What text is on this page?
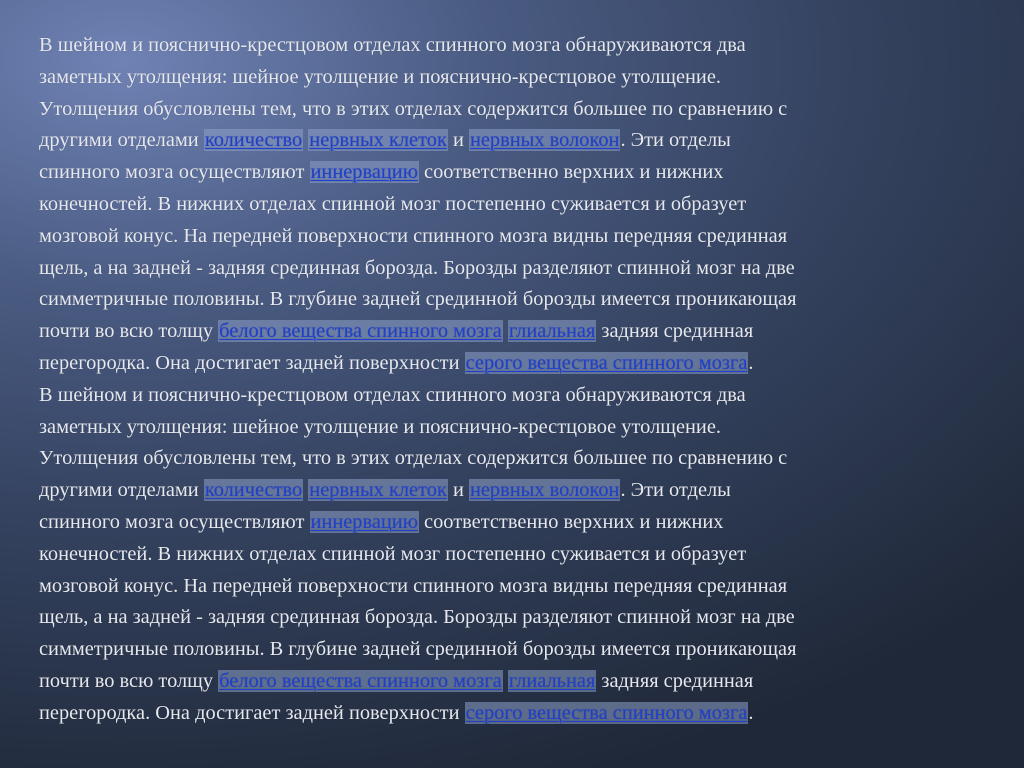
В шейном и пояснично-крестцовом отделах спинного мозга обнаруживаются два
заметных утолщения: шейное утолщение и пояснично-крестцовое утолщение.
Утолщения обусловлены тем, что в этих отделах содержится большее по сравнению с
другими отделами количество нервных клеток и нервных волокон. Эти отделы
спинного мозга осуществляют иннервацию соответственно верхних и нижних
конечностей. В нижних отделах спинной мозг постепенно суживается и образует
мозговой конус. На передней поверхности спинного мозга видны передняя срединная
щель, а на задней - задняя срединная борозда. Борозды разделяют спинной мозг на две
симметричные половины. В глубине задней срединной борозды имеется проникающая
почти во всю толщу белого вещества спинного мозга глиальная задняя срединная
перегородка. Она достигает задней поверхности серого вещества спинного мозга.
В шейном и пояснично-крестцовом отделах спинного мозга обнаруживаются два
заметных утолщения: шейное утолщение и пояснично-крестцовое утолщение.
Утолщения обусловлены тем, что в этих отделах содержится большее по сравнению с
другими отделами количество нервных клеток и нервных волокон. Эти отделы
спинного мозга осуществляют иннервацию соответственно верхних и нижних
конечностей. В нижних отделах спинной мозг постепенно суживается и образует
мозговой конус. На передней поверхности спинного мозга видны передняя срединная
щель, а на задней - задняя срединная борозда. Борозды разделяют спинной мозг на две
симметричные половины. В глубине задней срединной борозды имеется проникающая
почти во всю толщу белого вещества спинного мозга глиальная задняя срединная
перегородка. Она достигает задней поверхности серого вещества спинного мозга.
